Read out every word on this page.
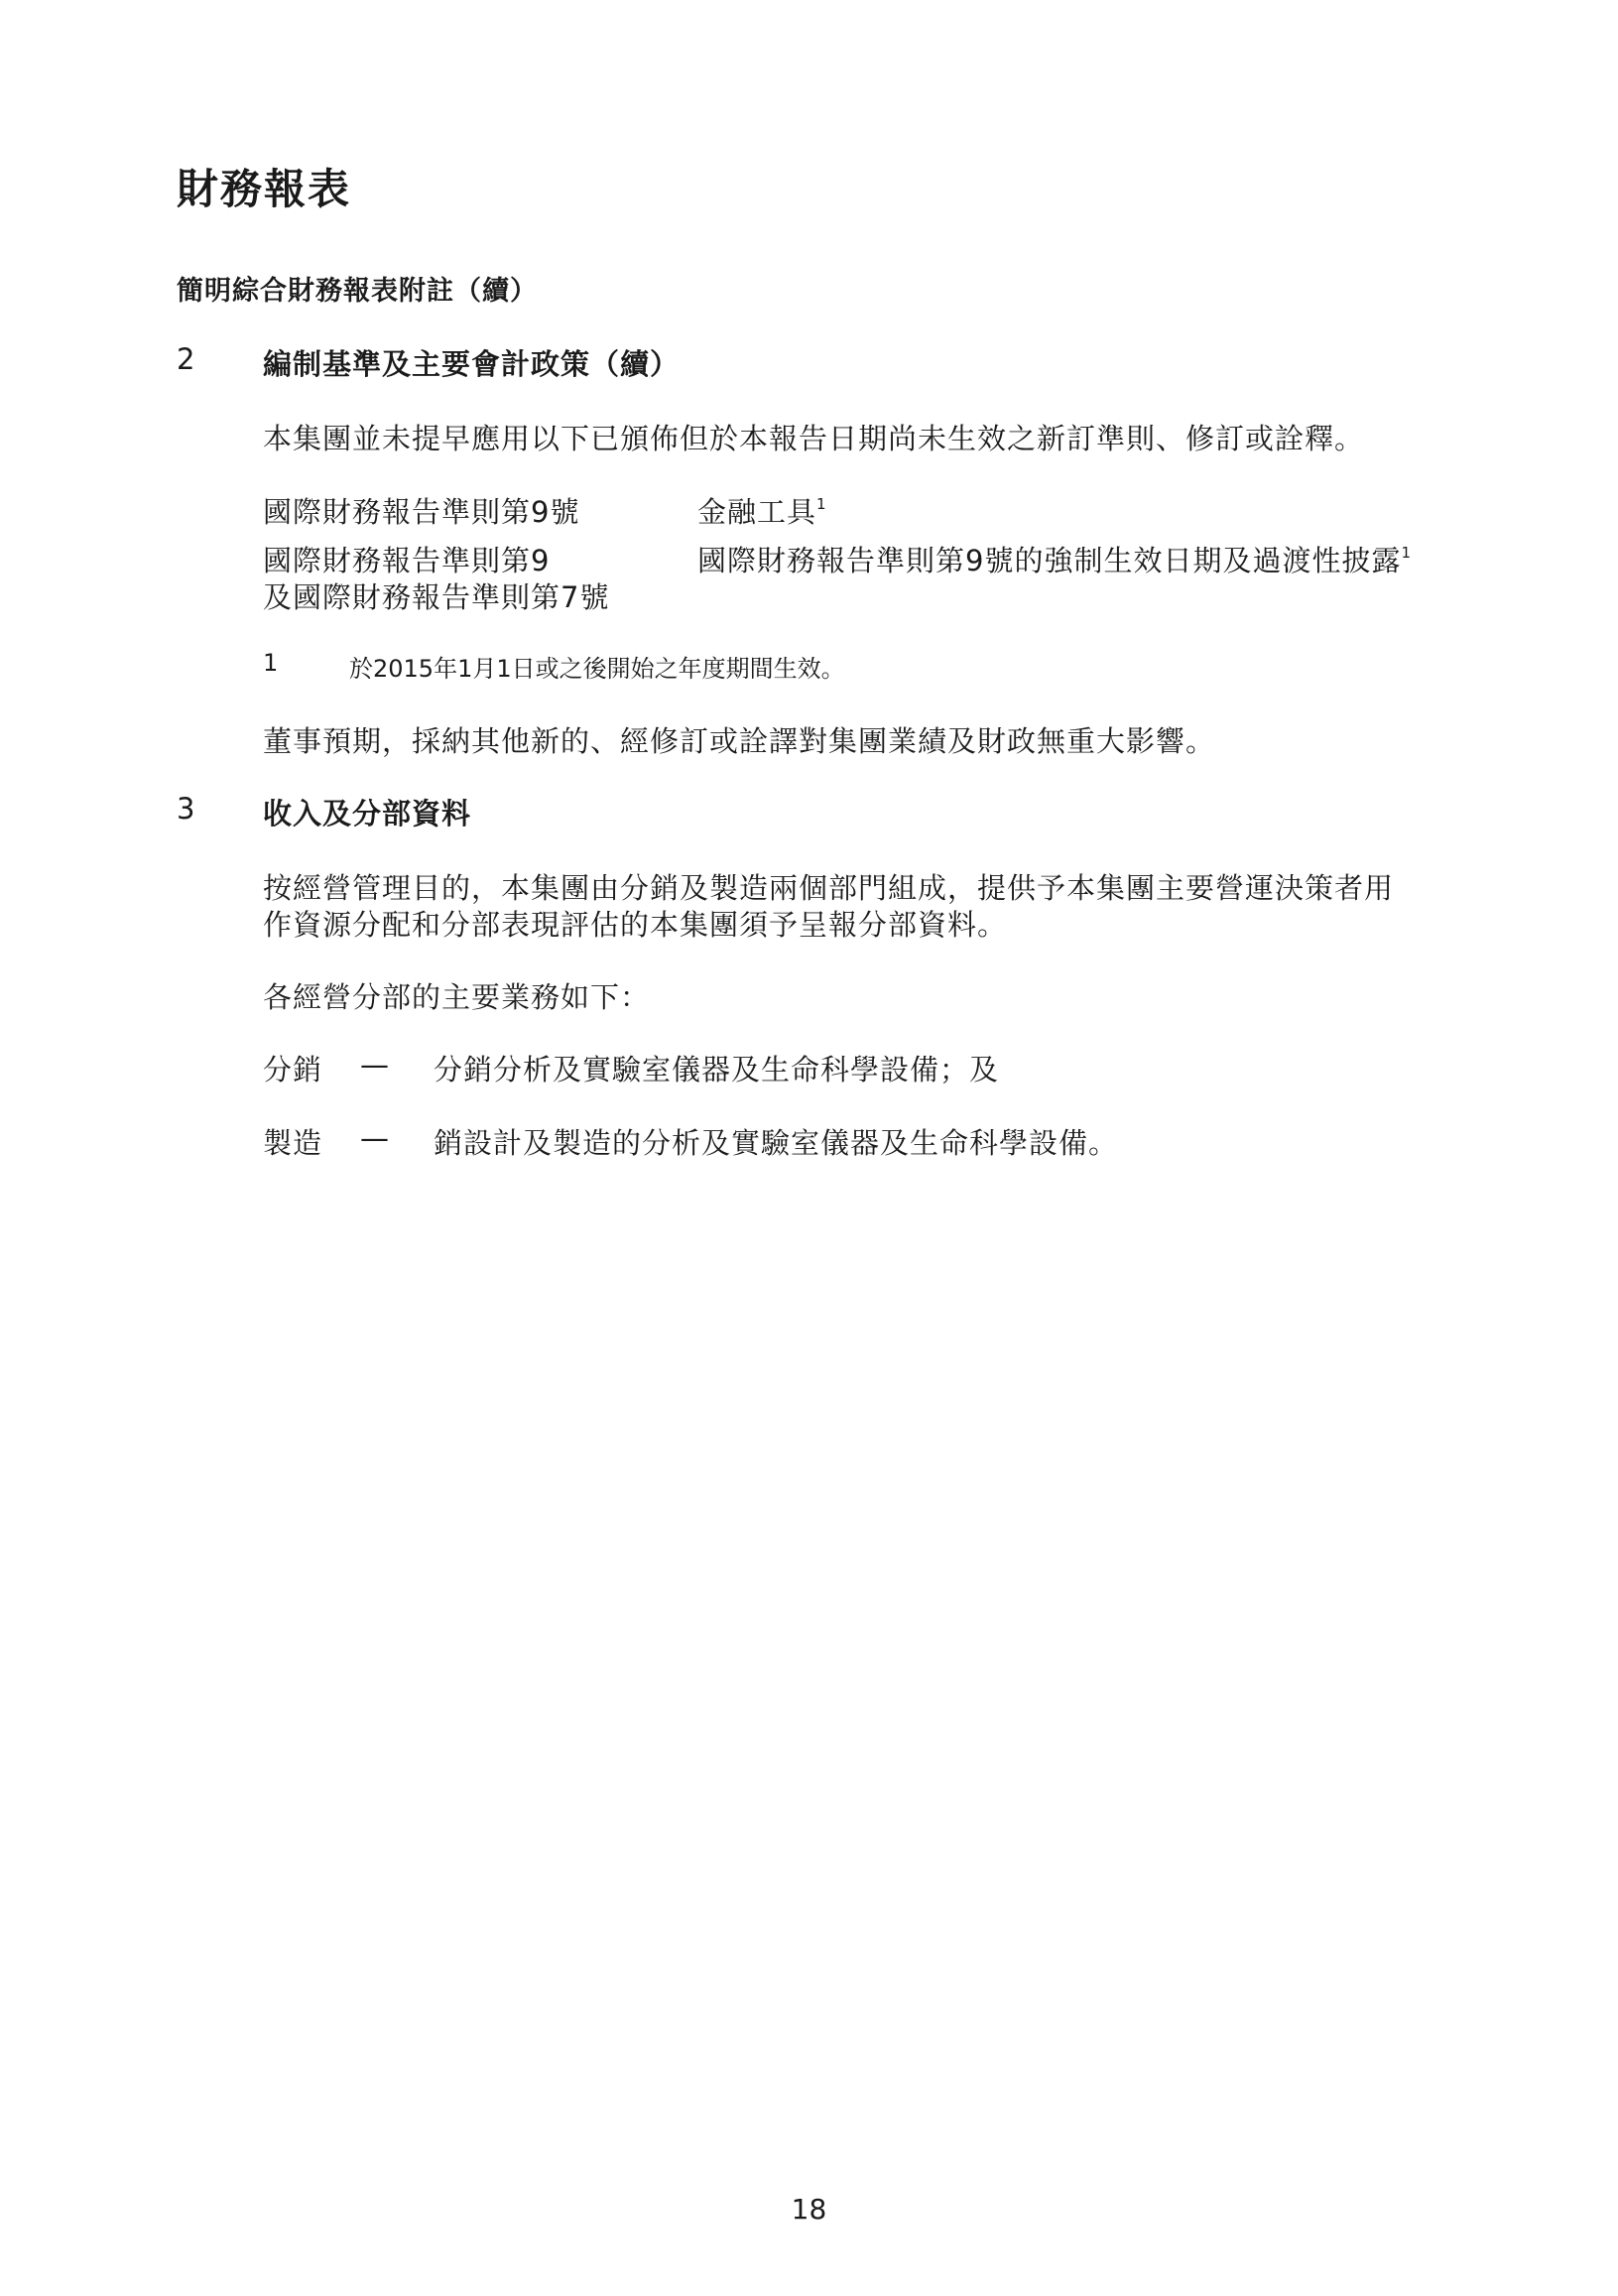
財務報表
簡明綜合財務報表附註（續）
2 編制基準及主要會計政策（續）
本集團並未提早應用以下已頒佈但於本報告日期尚未生效之新訂準則、修訂或詮釋。
國際財務報告準則第9號	金融工具$^1$
國際財務報告準則第9
及國際財務報告準則第7號
國際財務報告準則第9號的強制生效日期及過渡性披露$^1$
1	於2015年1月1日或之後開始之年度期間生效。
董事預期，採納其他新的、經修訂或詮譯對集團業績及財政無重大影響。
3 收入及分部資料
按經營管理目的，本集團由分銷及製造兩個部門組成，提供予本集團主要營運決策者用
作資源分配和分部表現評估的本集團須予呈報分部資料。
各經營分部的主要業務如下：
分銷 — 分銷分析及實驗室儀器及生命科學設備；及
製造 — 銷設計及製造的分析及實驗室儀器及生命科學設備。
18
